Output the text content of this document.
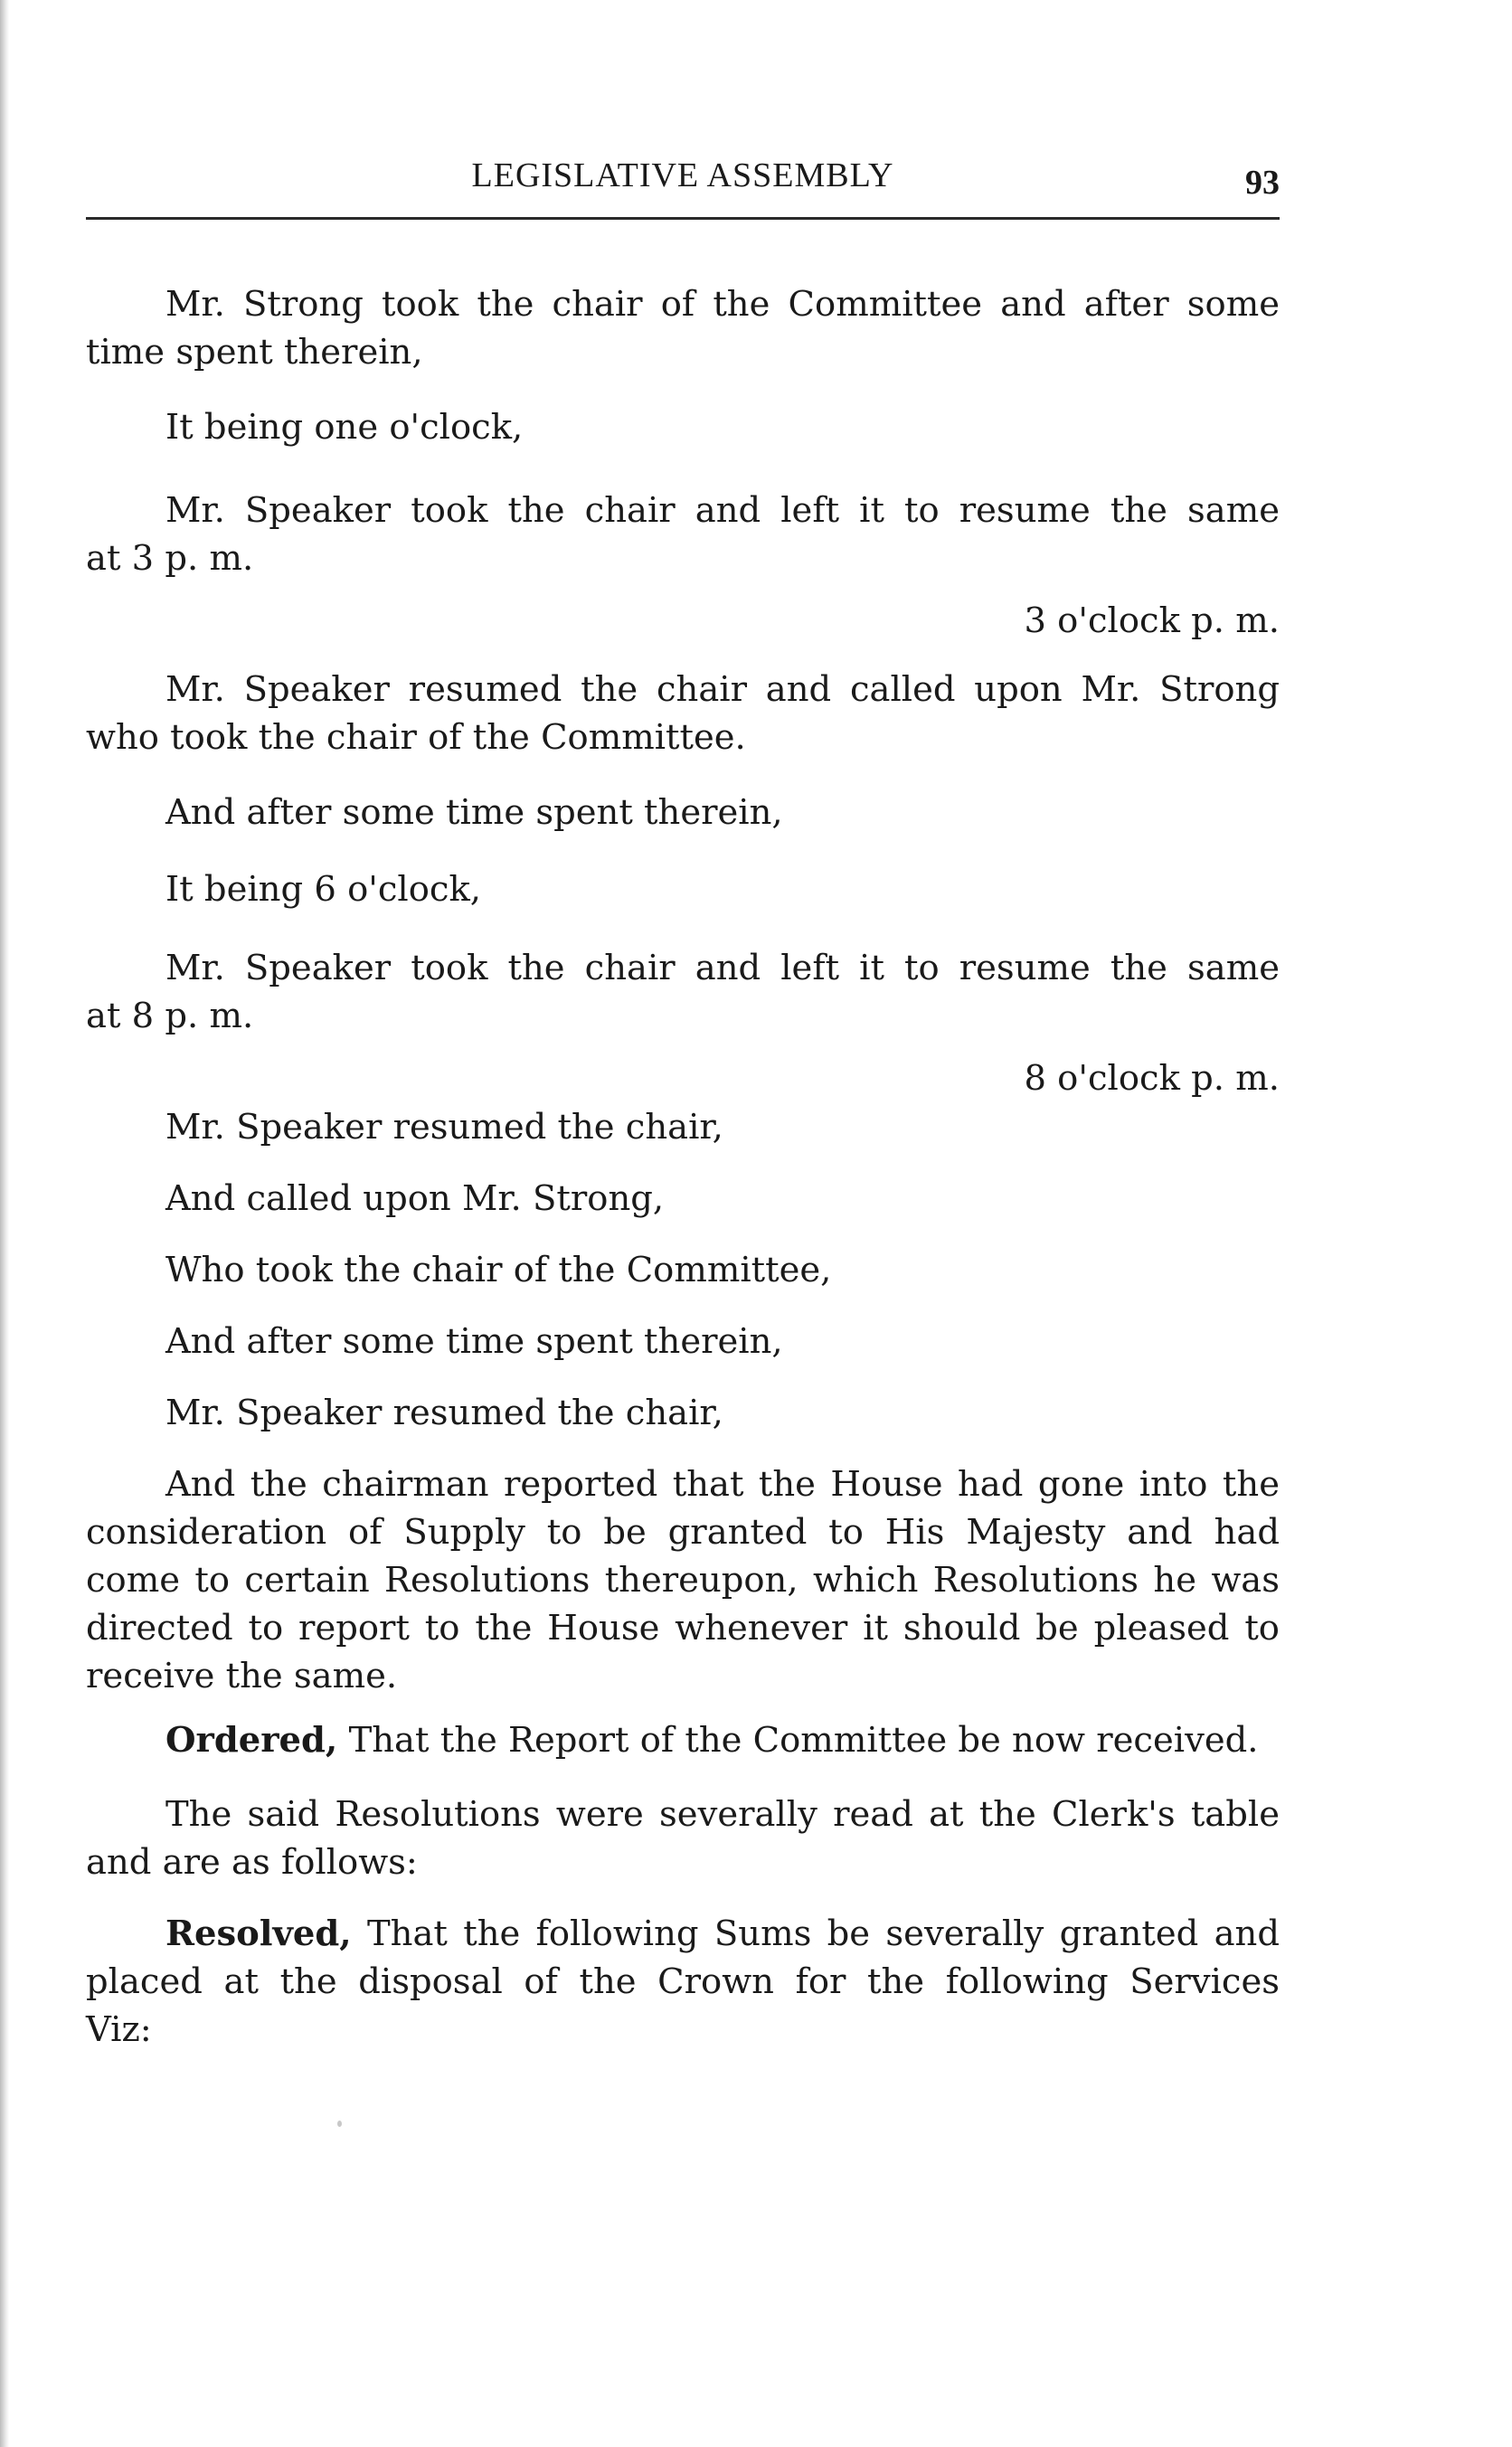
LEGISLATIVE ASSEMBLY	93

Mr. Strong took the chair of the Committee and after some
time spent therein,

It being one o'clock,

Mr. Speaker took the chair and left it to resume the same
at 3 p. m.

3 o'clock p. m.

Mr. Speaker resumed the chair and called upon Mr. Strong
who took the chair of the Committee.

And after some time spent therein,

It being 6 o'clock,

Mr. Speaker took the chair and left it to resume the same
at 8 p. m.

8 o'clock p. m.

Mr. Speaker resumed the chair,

And called upon Mr. Strong,

Who took the chair of the Committee,

And after some time spent therein,

Mr. Speaker resumed the chair,

And the chairman reported that the House had gone into the
consideration of Supply to be granted to His Majesty and had
come to certain Resolutions thereupon, which Resolutions he was
directed to report to the House whenever it should be pleased to
receive the same.

Ordered, That the Report of the Committee be now received.

The said Resolutions were severally read at the Clerk's table
and are as follows:

Resolved, That the following Sums be severally granted and
placed at the disposal of the Crown for the following Services
Viz:
